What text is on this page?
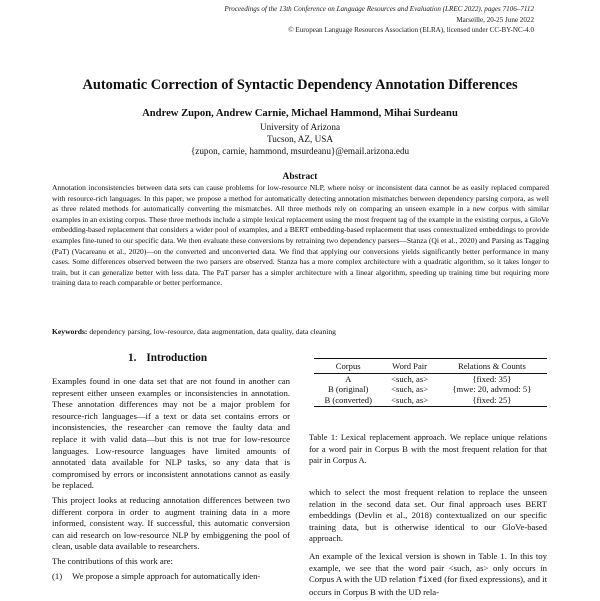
Proceedings of the 13th Conference on Language Resources and Evaluation (LREC 2022), pages 7106–7112
Marseille, 20-25 June 2022
© European Language Resources Association (ELRA), licensed under CC-BY-NC-4.0
Automatic Correction of Syntactic Dependency Annotation Differences
Andrew Zupon, Andrew Carnie, Michael Hammond, Mihai Surdeanu
University of Arizona
Tucson, AZ, USA
{zupon, carnie, hammond, msurdeanu}@email.arizona.edu
Abstract
Annotation inconsistencies between data sets can cause problems for low-resource NLP, where noisy or inconsistent data cannot be as easily replaced compared with resource-rich languages. In this paper, we propose a method for automatically detecting annotation mismatches between dependency parsing corpora, as well as three related methods for automatically converting the mismatches. All three methods rely on comparing an unseen example in a new corpus with similar examples in an existing corpus. These three methods include a simple lexical replacement using the most frequent tag of the example in the existing corpus, a GloVe embedding-based replacement that considers a wider pool of examples, and a BERT embedding-based replacement that uses contextualized embeddings to provide examples fine-tuned to our specific data. We then evaluate these conversions by retraining two dependency parsers—Stanza (Qi et al., 2020) and Parsing as Tagging (PaT) (Vacareanu et al., 2020)—on the converted and unconverted data. We find that applying our conversions yields significantly better performance in many cases. Some differences observed between the two parsers are observed. Stanza has a more complex architecture with a quadratic algorithm, so it takes longer to train, but it can generalize better with less data. The PaT parser has a simpler architecture with a linear algorithm, speeding up training time but requiring more training data to reach comparable or better performance.
Keywords: dependency parsing, low-resource, data augmentation, data quality, data cleaning
1. Introduction

Examples found in one data set that are not found in another can represent either unseen examples or inconsistencies in annotation. These annotation differences may not be a major problem for resource-rich languages—if a text or data set contains errors or inconsistencies, the researcher can remove the faulty data and replace it with valid data—but this is not true for low-resource languages. Low-resource languages have limited amounts of annotated data available for NLP tasks, so any data that is compromised by errors or inconsistent annotations cannot as easily be replaced.

This project looks at reducing annotation differences between two different corpora in order to augment training data in a more informed, consistent way. If successful, this automatic conversion can aid research on low-resource NLP by embiggening the pool of clean, usable data available to researchers.

The contributions of this work are:

(1) We propose a simple approach for automatically iden-

Corpus	Word Pair	Relations & Counts
A	<such, as>	{fixed: 35}
B (original)	<such, as>	{mwe: 20, advmod: 5}
B (converted)	<such, as>	{fixed: 25}
Table 1: Lexical replacement approach. We replace unique relations for a word pair in Corpus B with the most frequent relation for that pair in Corpus A.

which to select the most frequent relation to replace the unseen relation in the second data set. Our final approach uses BERT embeddings (Devlin et al., 2018) contextualized on our specific training data, but is otherwise identical to our GloVe-based approach.

An example of the lexical version is shown in Table 1. In this toy example, we see that the word pair <such, as> only occurs in Corpus A with the UD relation fixed (for fixed expressions), and it occurs in Corpus B with the UD rela-
